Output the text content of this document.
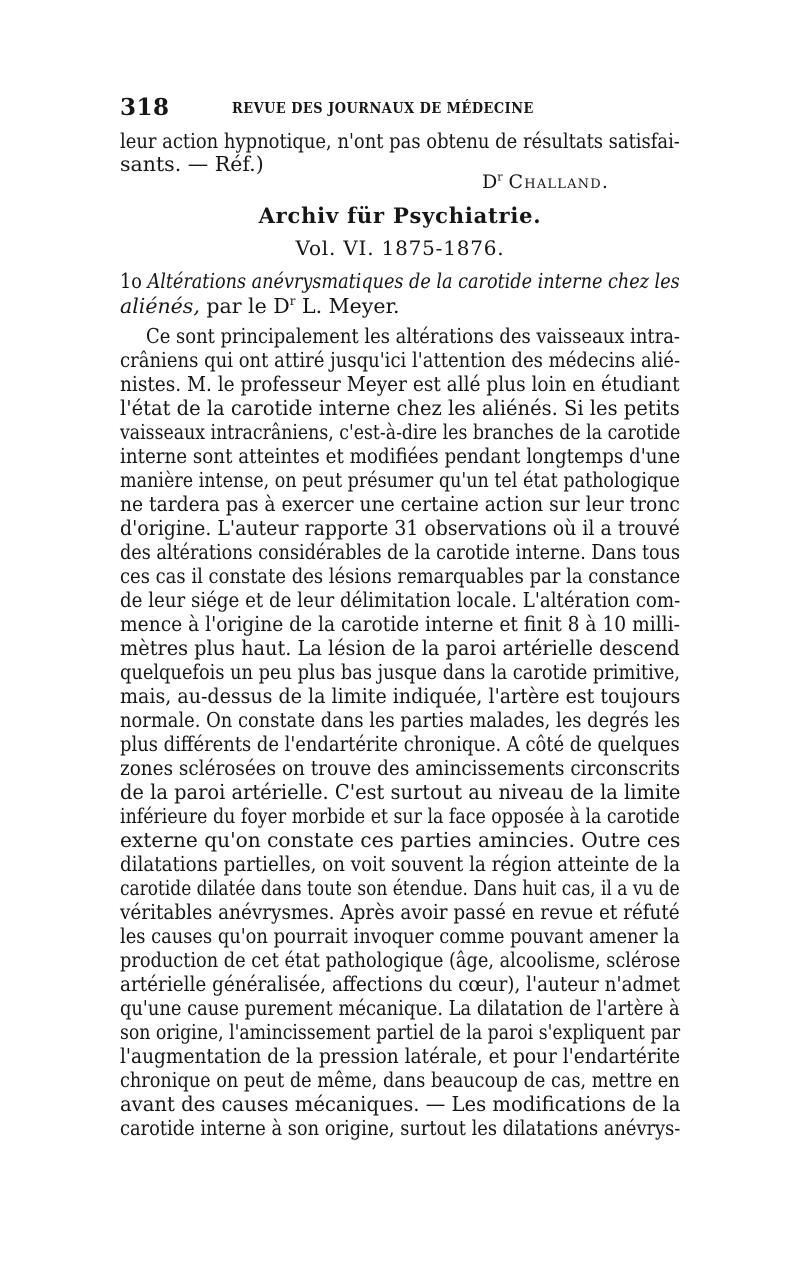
318	REVUE DES JOURNAUX DE MÉDECINE
leur action hypnotique, n'ont pas obtenu de résultats satisfai-
sants. — Réf.)
$D^r$ Challand.
Archiv für Psychiatrie.
Vol. VI. 1875-1876.
1o Altérations anévrysmatiques de la carotide interne chez les
aliénés, par le $D^r$ L. Meyer.
Ce sont principalement les altérations des vaisseaux intra-
crâniens qui ont attiré jusqu'ici l'attention des médecins alié-
nistes. M. le professeur Meyer est allé plus loin en étudiant
l'état de la carotide interne chez les aliénés. Si les petits
vaisseaux intracrâniens, c'est-à-dire les branches de la carotide
interne sont atteintes et modifiées pendant longtemps d'une
manière intense, on peut présumer qu'un tel état pathologique
ne tardera pas à exercer une certaine action sur leur tronc
d'origine. L'auteur rapporte 31 observations où il a trouvé
des altérations considérables de la carotide interne. Dans tous
ces cas il constate des lésions remarquables par la constance
de leur siége et de leur délimitation locale. L'altération com-
mence à l'origine de la carotide interne et finit 8 à 10 milli-
mètres plus haut. La lésion de la paroi artérielle descend
quelquefois un peu plus bas jusque dans la carotide primitive,
mais, au-dessus de la limite indiquée, l'artère est toujours
normale. On constate dans les parties malades, les degrés les
plus différents de l'endartérite chronique. A côté de quelques
zones sclérosées on trouve des amincissements circonscrits
de la paroi artérielle. C'est surtout au niveau de la limite
inférieure du foyer morbide et sur la face opposée à la carotide
externe qu'on constate ces parties amincies. Outre ces
dilatations partielles, on voit souvent la région atteinte de la
carotide dilatée dans toute son étendue. Dans huit cas, il a vu de
véritables anévrysmes. Après avoir passé en revue et réfuté
les causes qu'on pourrait invoquer comme pouvant amener la
production de cet état pathologique (âge, alcoolisme, sclérose
artérielle généralisée, affections du cœur), l'auteur n'admet
qu'une cause purement mécanique. La dilatation de l'artère à
son origine, l'amincissement partiel de la paroi s'expliquent par
l'augmentation de la pression latérale, et pour l'endartérite
chronique on peut de même, dans beaucoup de cas, mettre en
avant des causes mécaniques. — Les modifications de la
carotide interne à son origine, surtout les dilatations anévrys-
